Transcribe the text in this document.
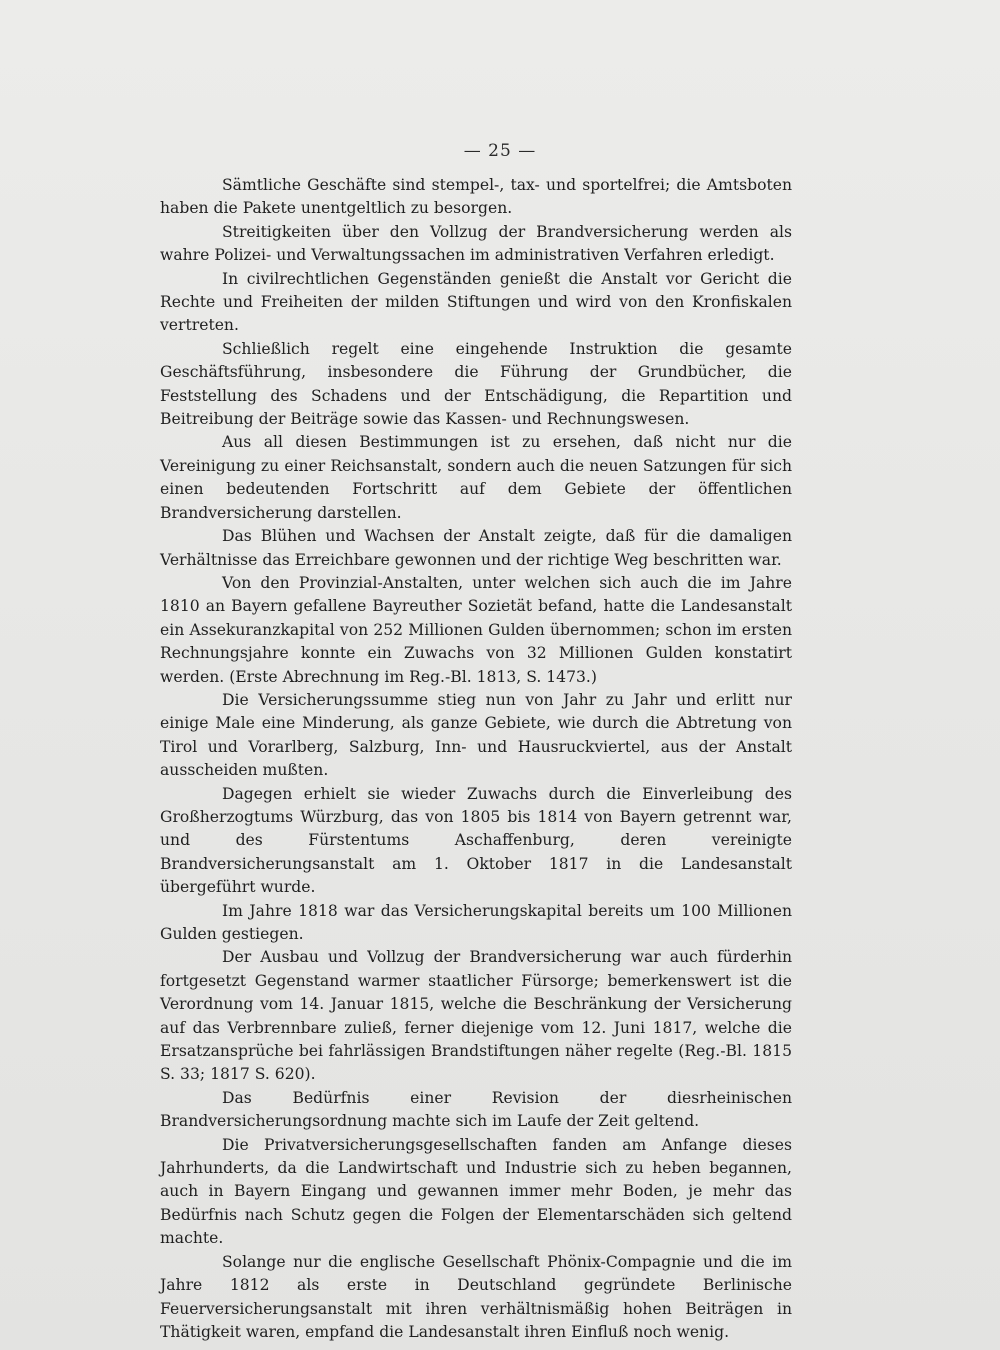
— 25 —

Sämtliche Geschäfte sind stempel-, tax- und sportelfrei; die Amtsboten haben die Pakete unentgeltlich zu besorgen.

Streitigkeiten über den Vollzug der Brandversicherung werden als wahre Polizei- und Verwaltungssachen im administrativen Verfahren erledigt.

In civilrechtlichen Gegenständen genießt die Anstalt vor Gericht die Rechte und Freiheiten der milden Stiftungen und wird von den Kronfiskalen vertreten.

Schließlich regelt eine eingehende Instruktion die gesamte Geschäftsführung, insbesondere die Führung der Grundbücher, die Feststellung des Schadens und der Entschädigung, die Repartition und Beitreibung der Beiträge sowie das Kassen- und Rechnungswesen.

Aus all diesen Bestimmungen ist zu ersehen, daß nicht nur die Vereinigung zu einer Reichsanstalt, sondern auch die neuen Satzungen für sich einen bedeutenden Fortschritt auf dem Gebiete der öffentlichen Brandversicherung darstellen.

Das Blühen und Wachsen der Anstalt zeigte, daß für die damaligen Verhältnisse das Erreichbare gewonnen und der richtige Weg beschritten war.

Von den Provinzial-Anstalten, unter welchen sich auch die im Jahre 1810 an Bayern gefallene Bayreuther Sozietät befand, hatte die Landesanstalt ein Assekuranzkapital von 252 Millionen Gulden übernommen; schon im ersten Rechnungsjahre konnte ein Zuwachs von 32 Millionen Gulden konstatirt werden. (Erste Abrechnung im Reg.-Bl. 1813, S. 1473.)

Die Versicherungssumme stieg nun von Jahr zu Jahr und erlitt nur einige Male eine Minderung, als ganze Gebiete, wie durch die Abtretung von Tirol und Vorarlberg, Salzburg, Inn- und Hausruckviertel, aus der Anstalt ausscheiden mußten.

Dagegen erhielt sie wieder Zuwachs durch die Einverleibung des Großherzogtums Würzburg, das von 1805 bis 1814 von Bayern getrennt war, und des Fürstentums Aschaffenburg, deren vereinigte Brandversicherungsanstalt am 1. Oktober 1817 in die Landesanstalt übergeführt wurde.

Im Jahre 1818 war das Versicherungskapital bereits um 100 Millionen Gulden gestiegen.

Der Ausbau und Vollzug der Brandversicherung war auch fürderhin fortgesetzt Gegenstand warmer staatlicher Fürsorge; bemerkenswert ist die Verordnung vom 14. Januar 1815, welche die Beschränkung der Versicherung auf das Verbrennbare zuließ, ferner diejenige vom 12. Juni 1817, welche die Ersatzansprüche bei fahrlässigen Brandstiftungen näher regelte (Reg.-Bl. 1815 S. 33; 1817 S. 620).

Das Bedürfnis einer Revision der diesrheinischen Brandversicherungsordnung machte sich im Laufe der Zeit geltend.

Die Privatversicherungsgesellschaften fanden am Anfange dieses Jahrhunderts, da die Landwirtschaft und Industrie sich zu heben begannen, auch in Bayern Eingang und gewannen immer mehr Boden, je mehr das Bedürfnis nach Schutz gegen die Folgen der Elementarschäden sich geltend machte.

Solange nur die englische Gesellschaft Phönix-Compagnie und die im Jahre 1812 als erste in Deutschland gegründete Berlinische Feuerversicherungsanstalt mit ihren verhältnismäßig hohen Beiträgen in Thätigkeit waren, empfand die Landesanstalt ihren Einfluß noch wenig.
